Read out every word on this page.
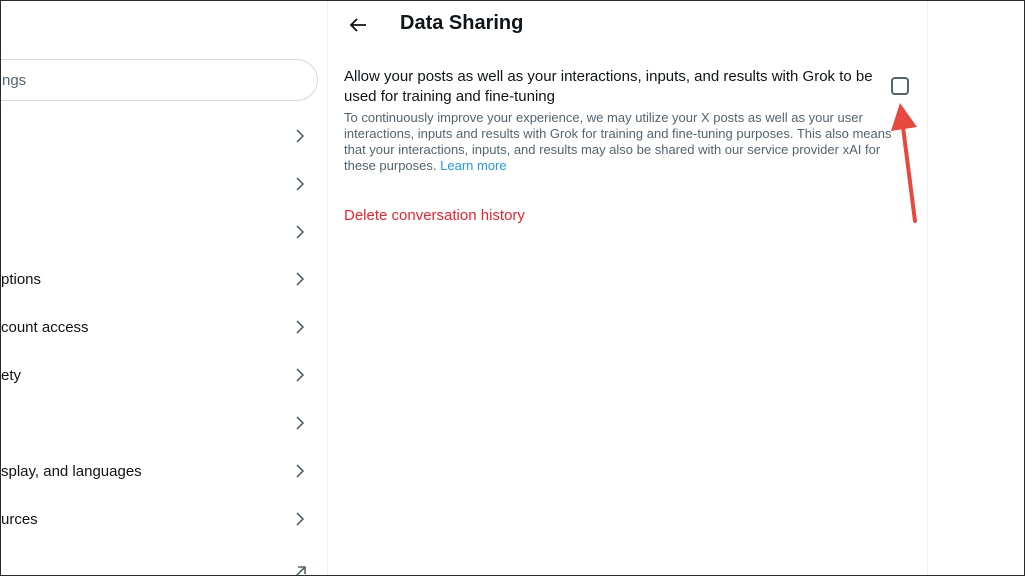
ngs
ptions
count access
ety
splay, and languages
urces
Data Sharing
Allow your posts as well as your interactions, inputs, and results with Grok to be used for training and fine-tuning
To continuously improve your experience, we may utilize your X posts as well as your user interactions, inputs and results with Grok for training and fine-tuning purposes. This also means that your interactions, inputs, and results may also be shared with our service provider xAI for these purposes. Learn more
Delete conversation history
